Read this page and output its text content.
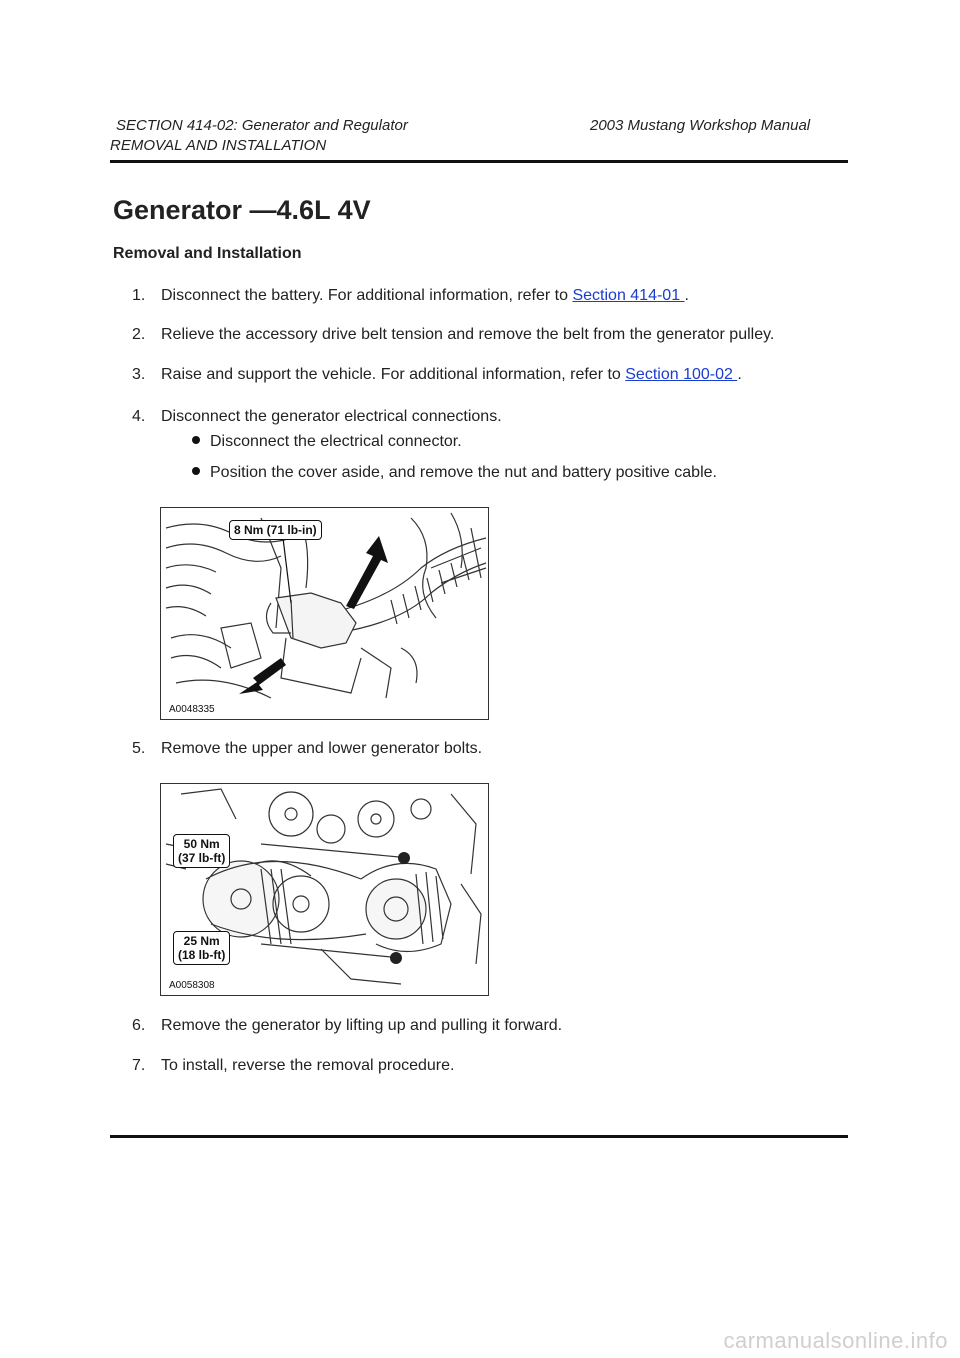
SECTION 414-02: Generator and Regulator
REMOVAL AND INSTALLATION
2003 Mustang Workshop Manual
Generator —4.6L 4V
Removal and Installation
1. Disconnect the battery. For additional information, refer to Section 414-01 .
2. Relieve the accessory drive belt tension and remove the belt from the generator pulley.
3. Raise and support the vehicle. For additional information, refer to Section 100-02 .
4. Disconnect the generator electrical connections.
Disconnect the electrical connector.
Position the cover aside, and remove the nut and battery positive cable.
8 Nm (71 lb-in)
A0048335
5. Remove the upper and lower generator bolts.
50 Nm
(37 lb-ft)
25 Nm
(18 lb-ft)
A0058308
6. Remove the generator by lifting up and pulling it forward.
7. To install, reverse the removal procedure.
carmanualsonline.info
